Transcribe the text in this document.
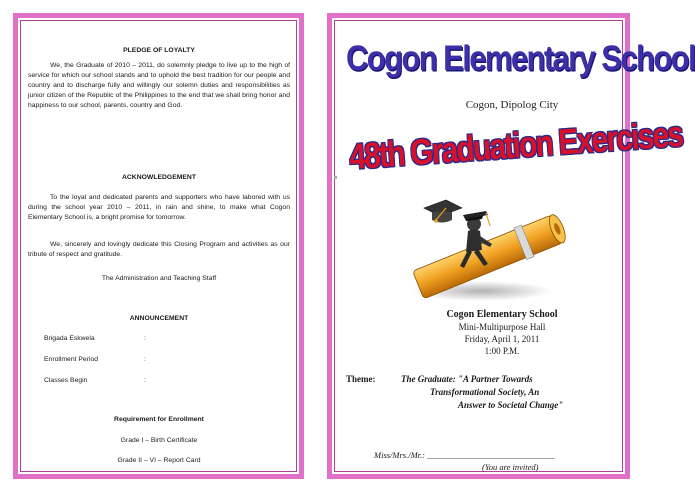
PLEDGE OF LOYALTY
We, the Graduate of 2010 – 2011, do solemnly pledge to live up to the high of service for which our school stands and to uphold the best tradition for our people and country and to discharge fully and willingly our solemn duties and responsibilities as junior citizen of the Republic of the Philippines to the end that we shall bring honor and happiness to our school, parents, country and God.
ACKNOWLEDGEMENT
To the loyal and dedicated parents and supporters who have labored with us during the school year 2010 – 2011, in rain and shine, to make what Cogon Elementary School is, a bright promise for tomorrow.
We, sincerely and lovingly dedicate this Closing Program and activities as our tribute of respect and gratitude.
The Administration and Teaching Staff
ANNOUNCEMENT
Brigada Eskwela	:
Enrollment Period	:
Classes Begin	:
Requirement for Enrollment
Grade I – Birth Certificate
Grade II – VI – Report Card
Cogon Elementary School
Cogon, Dipolog City
48th Graduation Exercises
Cogon Elementary School
Mini-Multipurpose Hall
Friday, April 1, 2011
1:00 P.M.
Theme:	The Graduate: "A Partner Towards
Transformational Society, An
Answer to Societal Change"
Miss/Mrs./Mr.: ______________________________
(You are invited)
